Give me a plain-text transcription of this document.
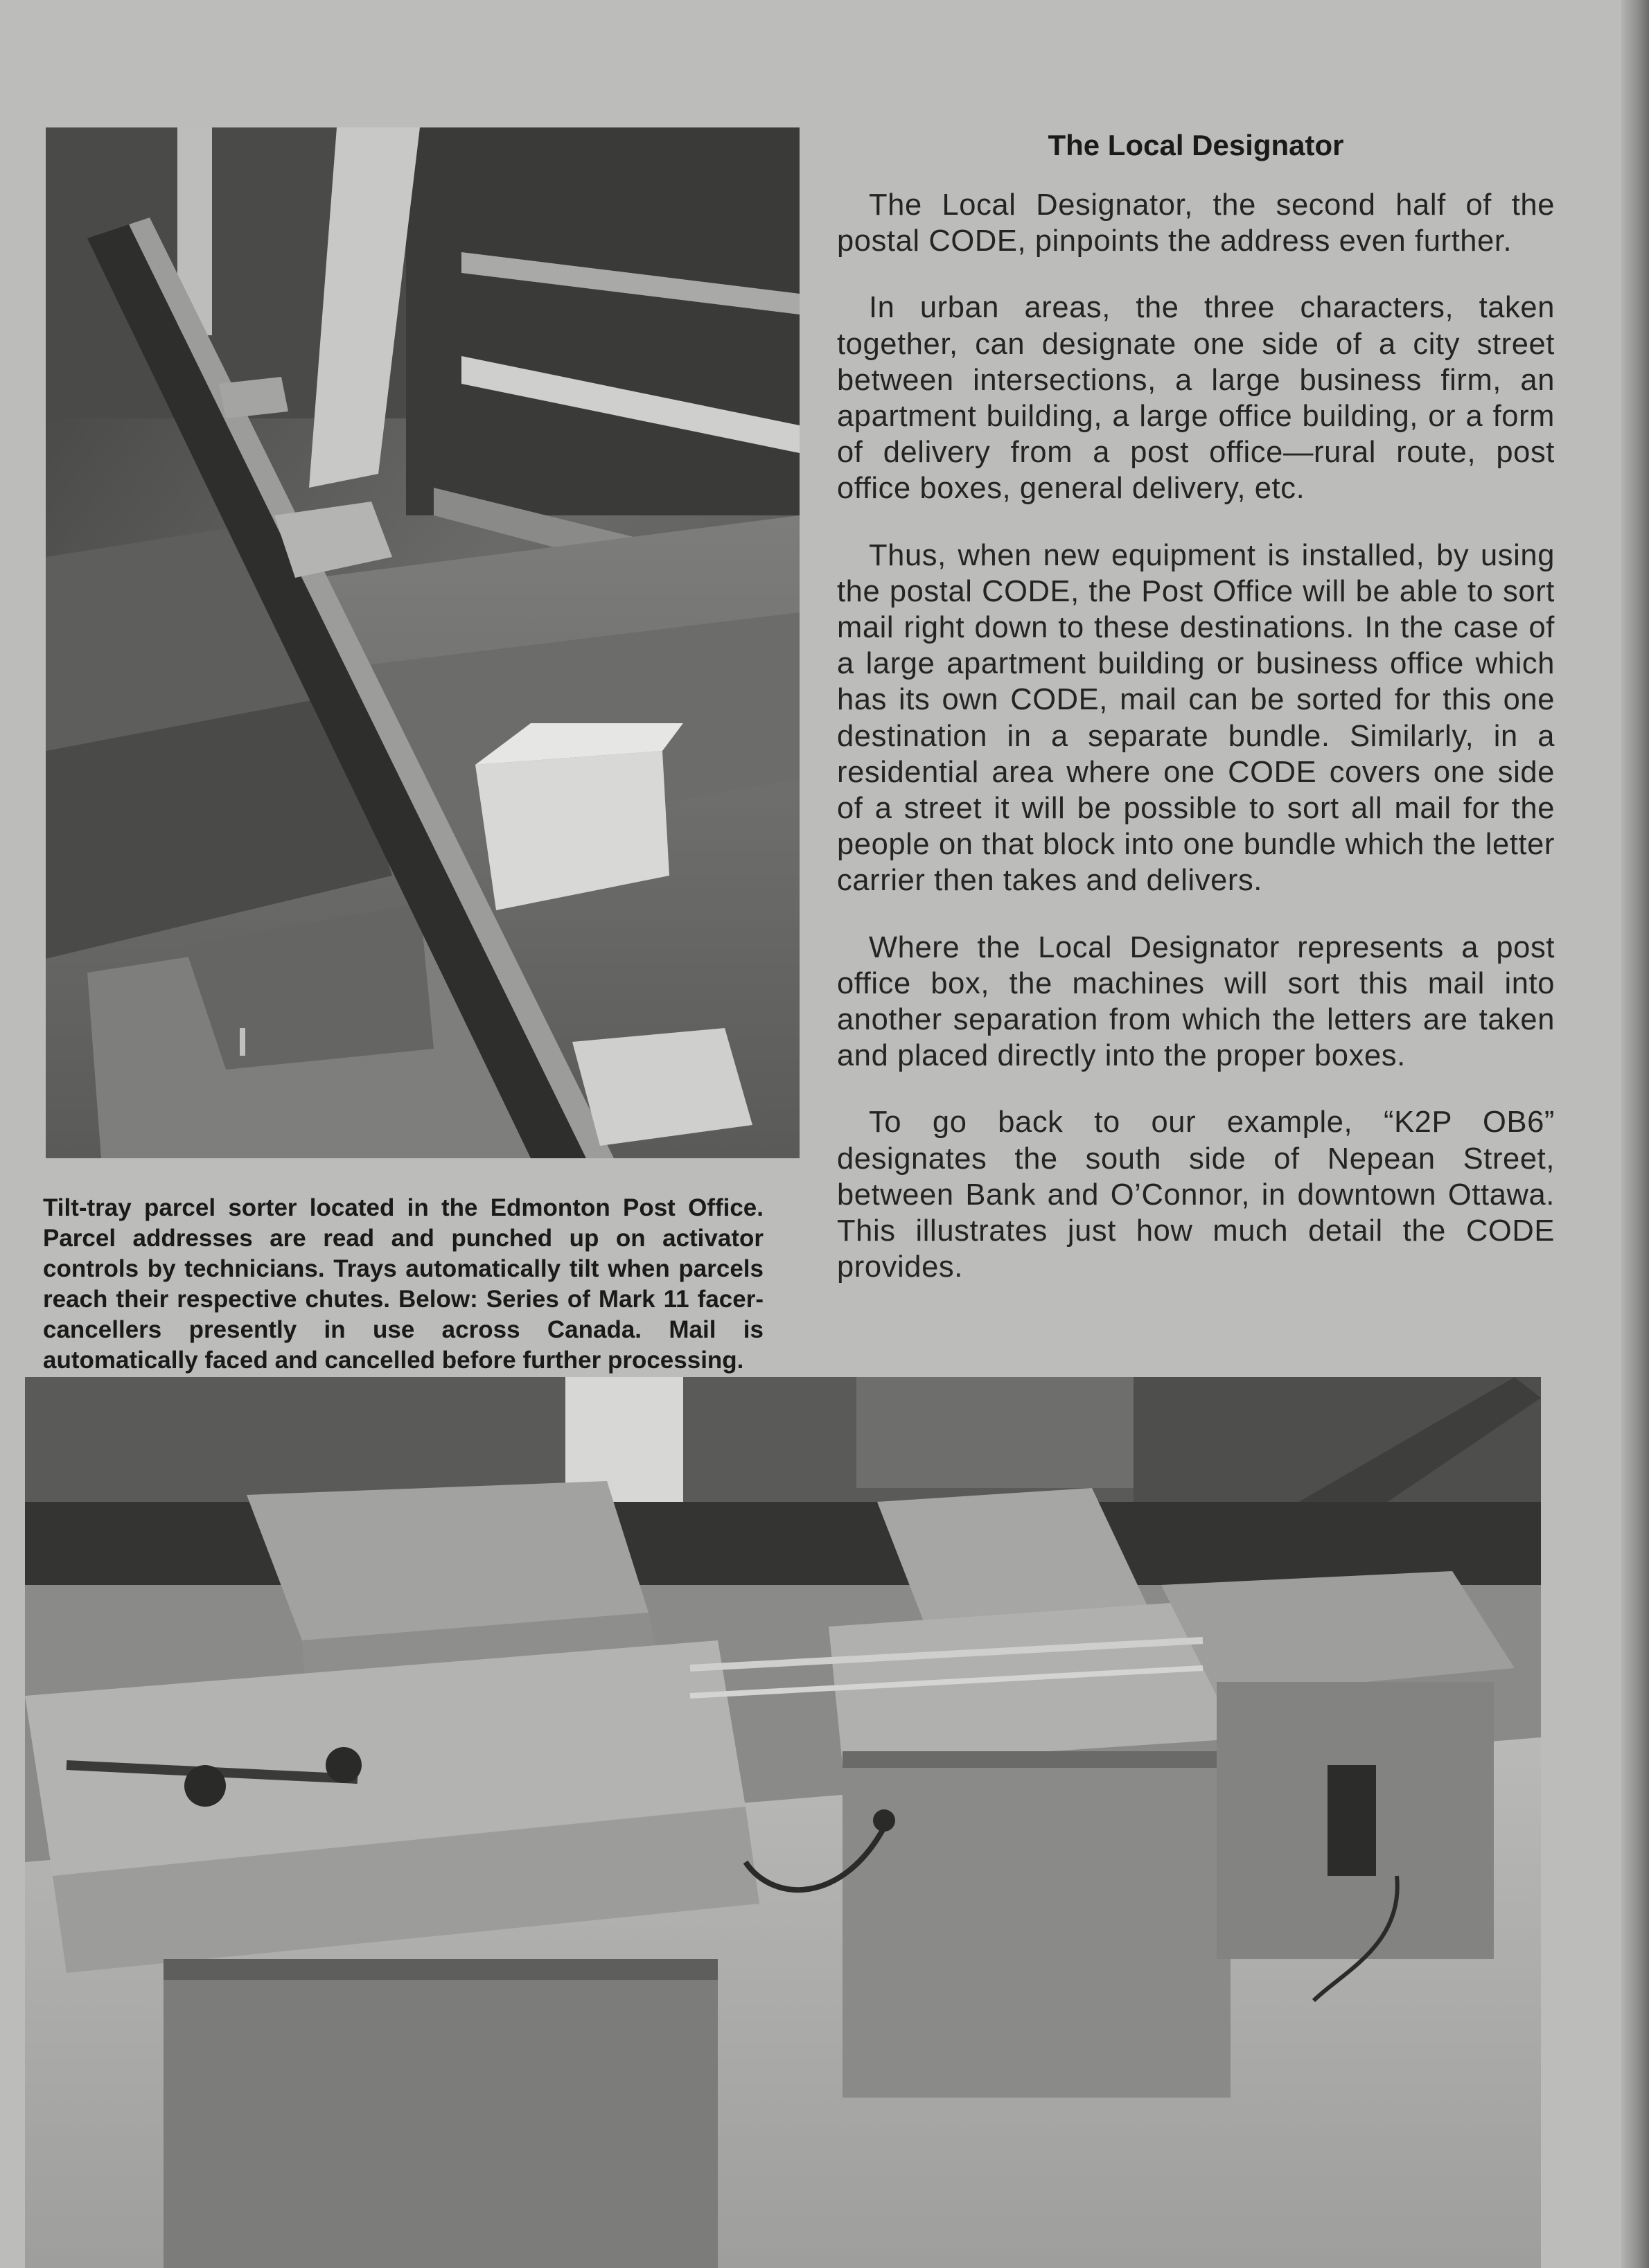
The Local Designator

The Local Designator, the second half of the postal CODE, pinpoints the address even further.

In urban areas, the three characters, taken together, can designate one side of a city street between intersections, a large business firm, an apartment building, a large office building, or a form of delivery from a post office—rural route, post office boxes, general delivery, etc.

Thus, when new equipment is installed, by using the postal CODE, the Post Office will be able to sort mail right down to these destinations. In the case of a large apartment building or business office which has its own CODE, mail can be sorted for this one destination in a separate bundle. Similarly, in a residential area where one CODE covers one side of a street it will be possible to sort all mail for the people on that block into one bundle which the letter carrier then takes and delivers.

Where the Local Designator represents a post office box, the machines will sort this mail into another separation from which the letters are taken and placed directly into the proper boxes.

To go back to our example, “K2P OB6” designates the south side of Nepean Street, between Bank and O’Connor, in downtown Ottawa. This illustrates just how much detail the CODE provides.

Tilt-tray parcel sorter located in the Edmonton Post Office. Parcel addresses are read and punched up on activator controls by technicians. Trays automatically tilt when parcels reach their respective chutes. Below: Series of Mark 11 facer-cancellers presently in use across Canada. Mail is automatically faced and cancelled before further processing.
